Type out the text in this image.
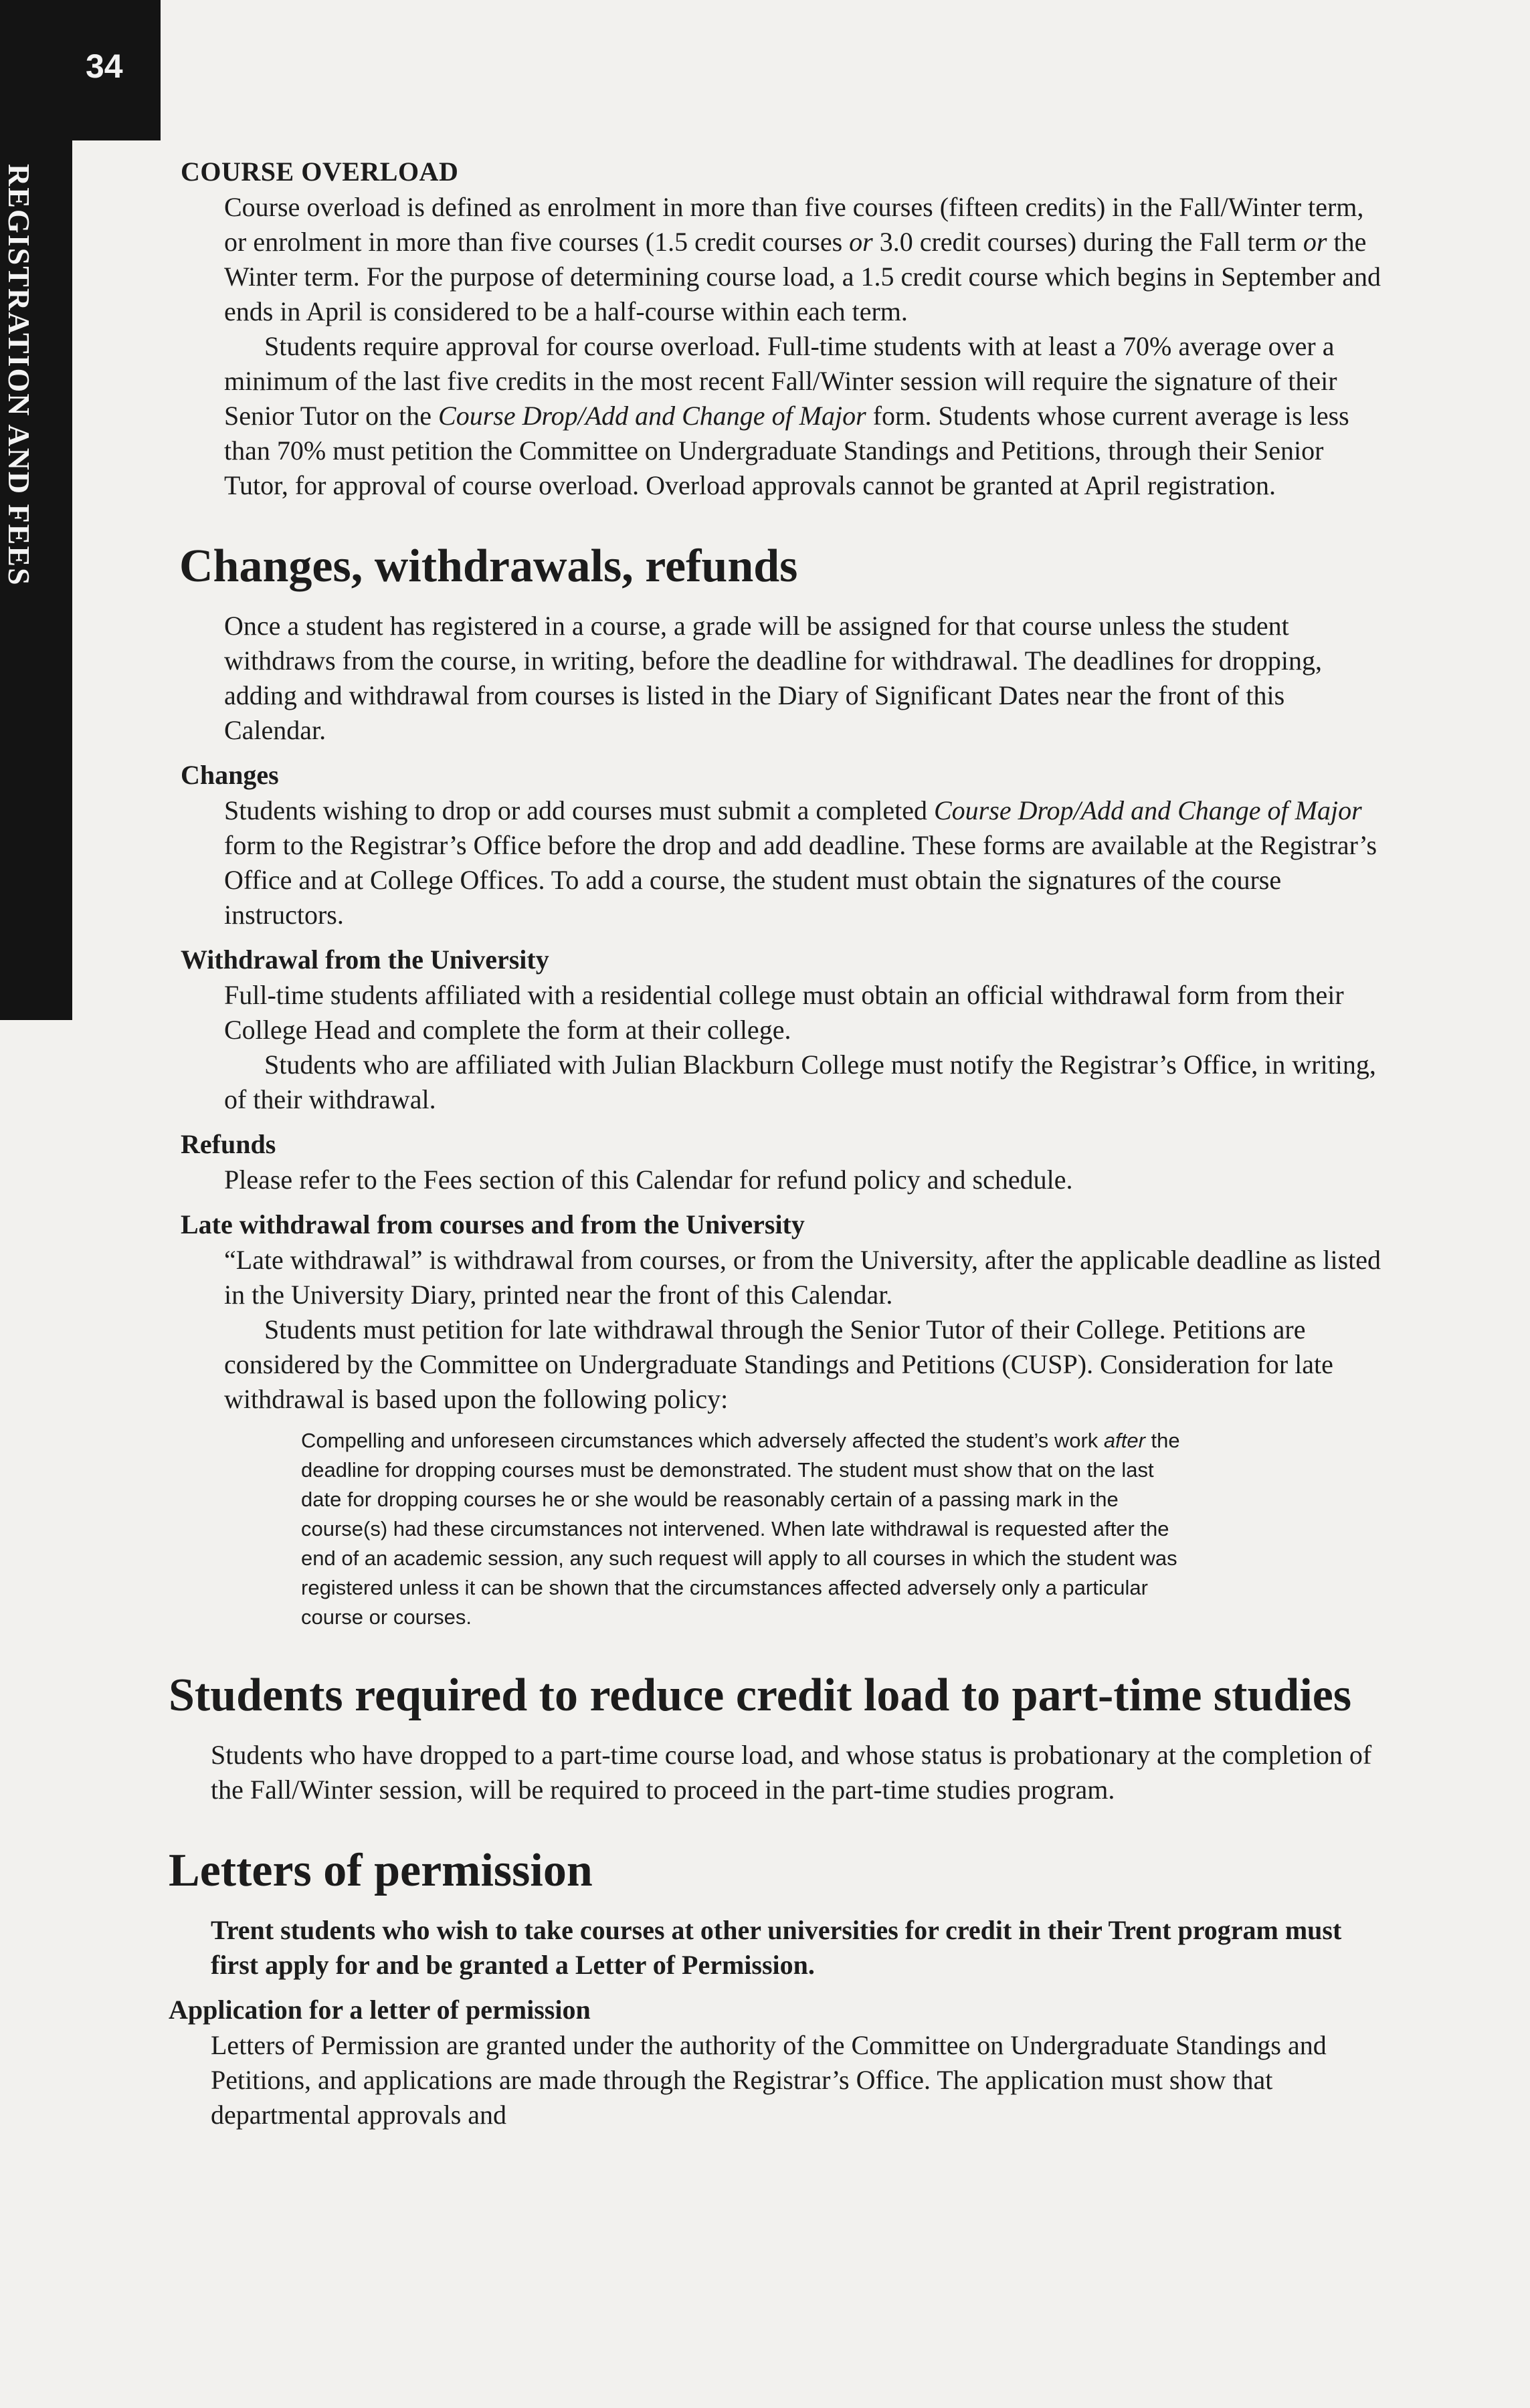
34
REGISTRATION AND FEES	COURSE OVERLOAD

Course overload is defined as enrolment in more than five courses (fifteen credits) in the Fall/Winter term, or enrolment in more than five courses (1.5 credit courses or 3.0 credit courses) during the Fall term or the Winter term. For the purpose of determining course load, a 1.5 credit course which begins in September and ends in April is considered to be a half-course within each term.

Students require approval for course overload. Full-time students with at least a 70% average over a minimum of the last five credits in the most recent Fall/Winter session will require the signature of their Senior Tutor on the Course Drop/Add and Change of Major form. Students whose current average is less than 70% must petition the Committee on Undergraduate Standings and Petitions, through their Senior Tutor, for approval of course overload. Overload approvals cannot be granted at April registration.

Changes, withdrawals, refunds

Once a student has registered in a course, a grade will be assigned for that course unless the student withdraws from the course, in writing, before the deadline for withdrawal. The deadlines for dropping, adding and withdrawal from courses is listed in the Diary of Significant Dates near the front of this Calendar.

Changes

Students wishing to drop or add courses must submit a completed Course Drop/Add and Change of Major form to the Registrar’s Office before the drop and add deadline. These forms are available at the Registrar’s Office and at College Offices. To add a course, the student must obtain the signatures of the course instructors.

Withdrawal from the University

Full-time students affiliated with a residential college must obtain an official withdrawal form from their College Head and complete the form at their college.

Students who are affiliated with Julian Blackburn College must notify the Registrar’s Office, in writing, of their withdrawal.

Refunds

Please refer to the Fees section of this Calendar for refund policy and schedule.

Late withdrawal from courses and from the University

“Late withdrawal” is withdrawal from courses, or from the University, after the applicable deadline as listed in the University Diary, printed near the front of this Calendar.

Students must petition for late withdrawal through the Senior Tutor of their College. Petitions are considered by the Committee on Undergraduate Standings and Petitions (CUSP). Consideration for late withdrawal is based upon the following policy:

Compelling and unforeseen circumstances which adversely affected the student’s work after the deadline for dropping courses must be demonstrated. The student must show that on the last date for dropping courses he or she would be reasonably certain of a passing mark in the course(s) had these circumstances not intervened. When late withdrawal is requested after the end of an academic session, any such request will apply to all courses in which the student was registered unless it can be shown that the circumstances affected adversely only a particular course or courses.

Students required to reduce credit load to part-time studies

Students who have dropped to a part-time course load, and whose status is probationary at the completion of the Fall/Winter session, will be required to proceed in the part-time studies program.

Letters of permission

Trent students who wish to take courses at other universities for credit in their Trent program must first apply for and be granted a Letter of Permission.

Application for a letter of permission

Letters of Permission are granted under the authority of the Committee on Undergraduate Standings and Petitions, and applications are made through the Registrar’s Office. The application must show that departmental approvals and
